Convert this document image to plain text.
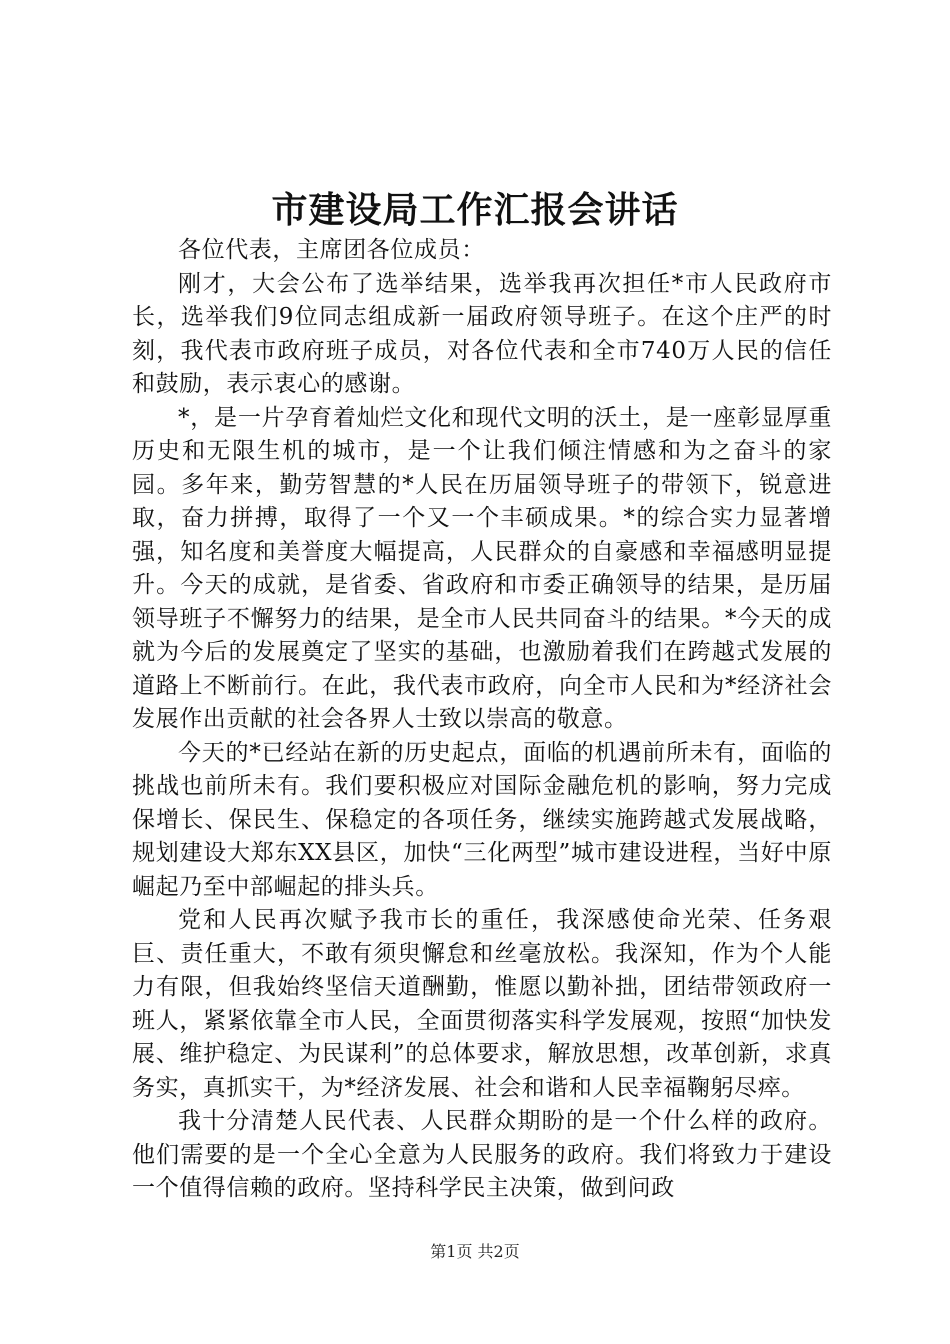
市建设局工作汇报会讲话

各位代表，主席团各位成员：

刚才，大会公布了选举结果，选举我再次担任*市人民政府市长，选举我们9位同志组成新一届政府领导班子。在这个庄严的时刻，我代表市政府班子成员，对各位代表和全市740万人民的信任和鼓励，表示衷心的感谢。

*，是一片孕育着灿烂文化和现代文明的沃土，是一座彰显厚重历史和无限生机的城市，是一个让我们倾注情感和为之奋斗的家园。多年来，勤劳智慧的*人民在历届领导班子的带领下，锐意进取，奋力拼搏，取得了一个又一个丰硕成果。*的综合实力显著增强，知名度和美誉度大幅提高，人民群众的自豪感和幸福感明显提升。今天的成就，是省委、省政府和市委正确领导的结果，是历届领导班子不懈努力的结果，是全市人民共同奋斗的结果。*今天的成就为今后的发展奠定了坚实的基础，也激励着我们在跨越式发展的道路上不断前行。在此，我代表市政府，向全市人民和为*经济社会发展作出贡献的社会各界人士致以崇高的敬意。

今天的*已经站在新的历史起点，面临的机遇前所未有，面临的挑战也前所未有。我们要积极应对国际金融危机的影响，努力完成保增长、保民生、保稳定的各项任务，继续实施跨越式发展战略，规划建设大郑东XX县区，加快“三化两型”城市建设进程，当好中原崛起乃至中部崛起的排头兵。

党和人民再次赋予我市长的重任，我深感使命光荣、任务艰巨、责任重大，不敢有须臾懈怠和丝毫放松。我深知，作为个人能力有限，但我始终坚信天道酬勤，惟愿以勤补拙，团结带领政府一班人，紧紧依靠全市人民，全面贯彻落实科学发展观，按照“加快发展、维护稳定、为民谋利”的总体要求，解放思想，改革创新，求真务实，真抓实干，为*经济发展、社会和谐和人民幸福鞠躬尽瘁。

我十分清楚人民代表、人民群众期盼的是一个什么样的政府。他们需要的是一个全心全意为人民服务的政府。我们将致力于建设一个值得信赖的政府。坚持科学民主决策，做到问政

第1页 共2页
